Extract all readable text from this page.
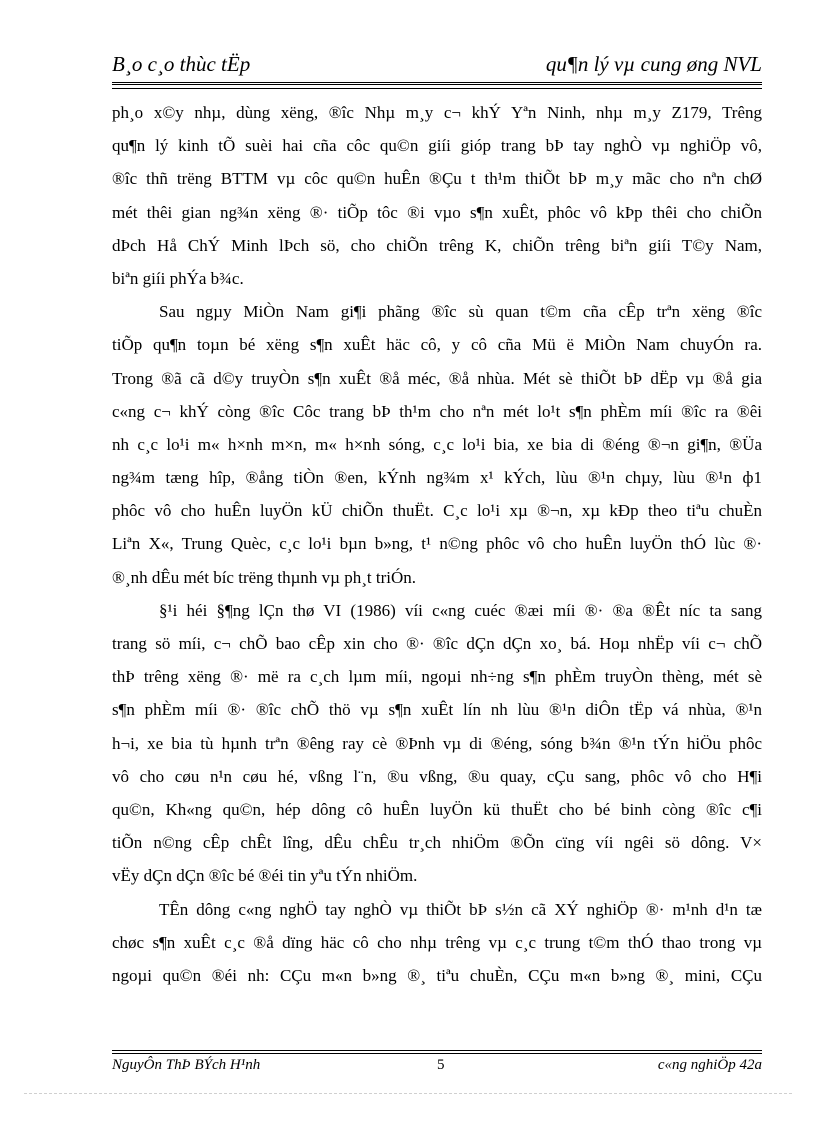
B¸o c¸o thùc tËp	qu¶n lý vµ cung øng NVL
ph¸o x©y nhµ, dùng xëng, ®îc Nhµ m¸y c¬ khÝ Yªn Ninh, nhµ m¸y Z179, Trêng
qu¶n lý kinh tÕ suèi hai cña côc qu©n giíi gióp trang bÞ tay nghÒ vµ nghiÖp vô,
®îc thñ trëng BTTM vµ côc qu©n huÊn ®Çu t th¹m thiÕt bÞ m¸y mãc cho nªn chØ
mét thêi gian ng¾n xëng ®· tiÕp tôc ®i vµo s¶n xuÊt, phôc vô kÞp thêi cho chiÕn
dÞch Hå ChÝ Minh lÞch sö, cho chiÕn trêng K, chiÕn trêng biªn giíi T©y Nam,
biªn giíi phÝa b¾c.
Sau ngµy MiÒn Nam gi¶i phãng ®îc sù quan t©m cña cÊp trªn xëng ®îc
tiÕp qu¶n toµn bé xëng s¶n xuÊt häc cô, y cô cña Mü ë MiÒn Nam chuyÓn ra.
Trong ®ã cã d©y truyÒn s¶n xuÊt ®å méc, ®å nhùa. Mét sè thiÕt bÞ dËp vµ ®å gia
c«ng c¬ khÝ còng ®îc Côc trang bÞ th¹m cho nªn mét lo¹t s¶n phÈm míi ®îc ra ®êi
nh c¸c lo¹i m« h×nh m×n, m« h×nh sóng, c¸c lo¹i bia, xe bia di ®éng ®¬n gi¶n, ®Üa
ng¾m tæng hîp, ®ång tiÒn ®en, kÝnh ng¾m x¹ kÝch, lùu ®¹n chµy, lùu ®¹n ф1
phôc vô cho huÊn luyÖn kÜ chiÕn thuËt. C¸c lo¹i xµ ®¬n, xµ kÐp theo tiªu chuÈn
Liªn X«, Trung Quèc, c¸c lo¹i bµn b»ng, t¹ n©ng phôc vô cho huÊn luyÖn thÓ lùc ®·
®¸nh dÊu mét bíc trëng thµnh vµ ph¸t triÓn.
§¹i héi §¶ng lÇn thø VI (1986) víi c«ng cuéc ®æi míi ®· ®a ®Êt níc ta sang
trang sö míi, c¬ chÕ bao cÊp xin cho ®· ®îc dÇn dÇn xo¸ bá. Hoµ nhËp víi c¬ chÕ
thÞ trêng xëng ®· më ra c¸ch lµm míi, ngoµi nh÷ng s¶n phÈm truyÒn thèng, mét sè
s¶n phÈm míi ®· ®îc chÕ thö vµ s¶n xuÊt lín nh lùu ®¹n diÔn tËp vá nhùa, ®¹n
h¬i, xe bia tù hµnh trªn ®êng ray cè ®Þnh vµ di ®éng, sóng b¾n ®¹n tÝn hiÖu phôc
vô cho cøu n¹n cøu hé, vßng l¨n, ®u vßng, ®u quay, cÇu sang, phôc vô cho H¶i
qu©n, Kh«ng qu©n, hép dông cô huÊn luyÖn kü thuËt cho bé binh còng ®îc c¶i
tiÕn n©ng cÊp chÊt lîng, dÊu chÊu tr¸ch nhiÖm ®Õn cïng víi ngêi sö dông. V×
vËy dÇn dÇn ®îc bé ®éi tin yªu tÝn nhiÖm.
TÊn dông c«ng nghÖ tay nghÒ vµ thiÕt bÞ s½n cã XÝ nghiÖp ®· m¹nh d¹n tæ
chøc s¶n xuÊt c¸c ®å dïng häc cô cho nhµ trêng vµ c¸c trung t©m thÓ thao trong vµ
ngoµi qu©n ®éi nh: CÇu m«n b»ng ®¸ tiªu chuÈn, CÇu m«n b»ng ®¸ mini, CÇu
NguyÔn ThÞ BÝch H¹nh	5	c«ng nghiÖp 42a
